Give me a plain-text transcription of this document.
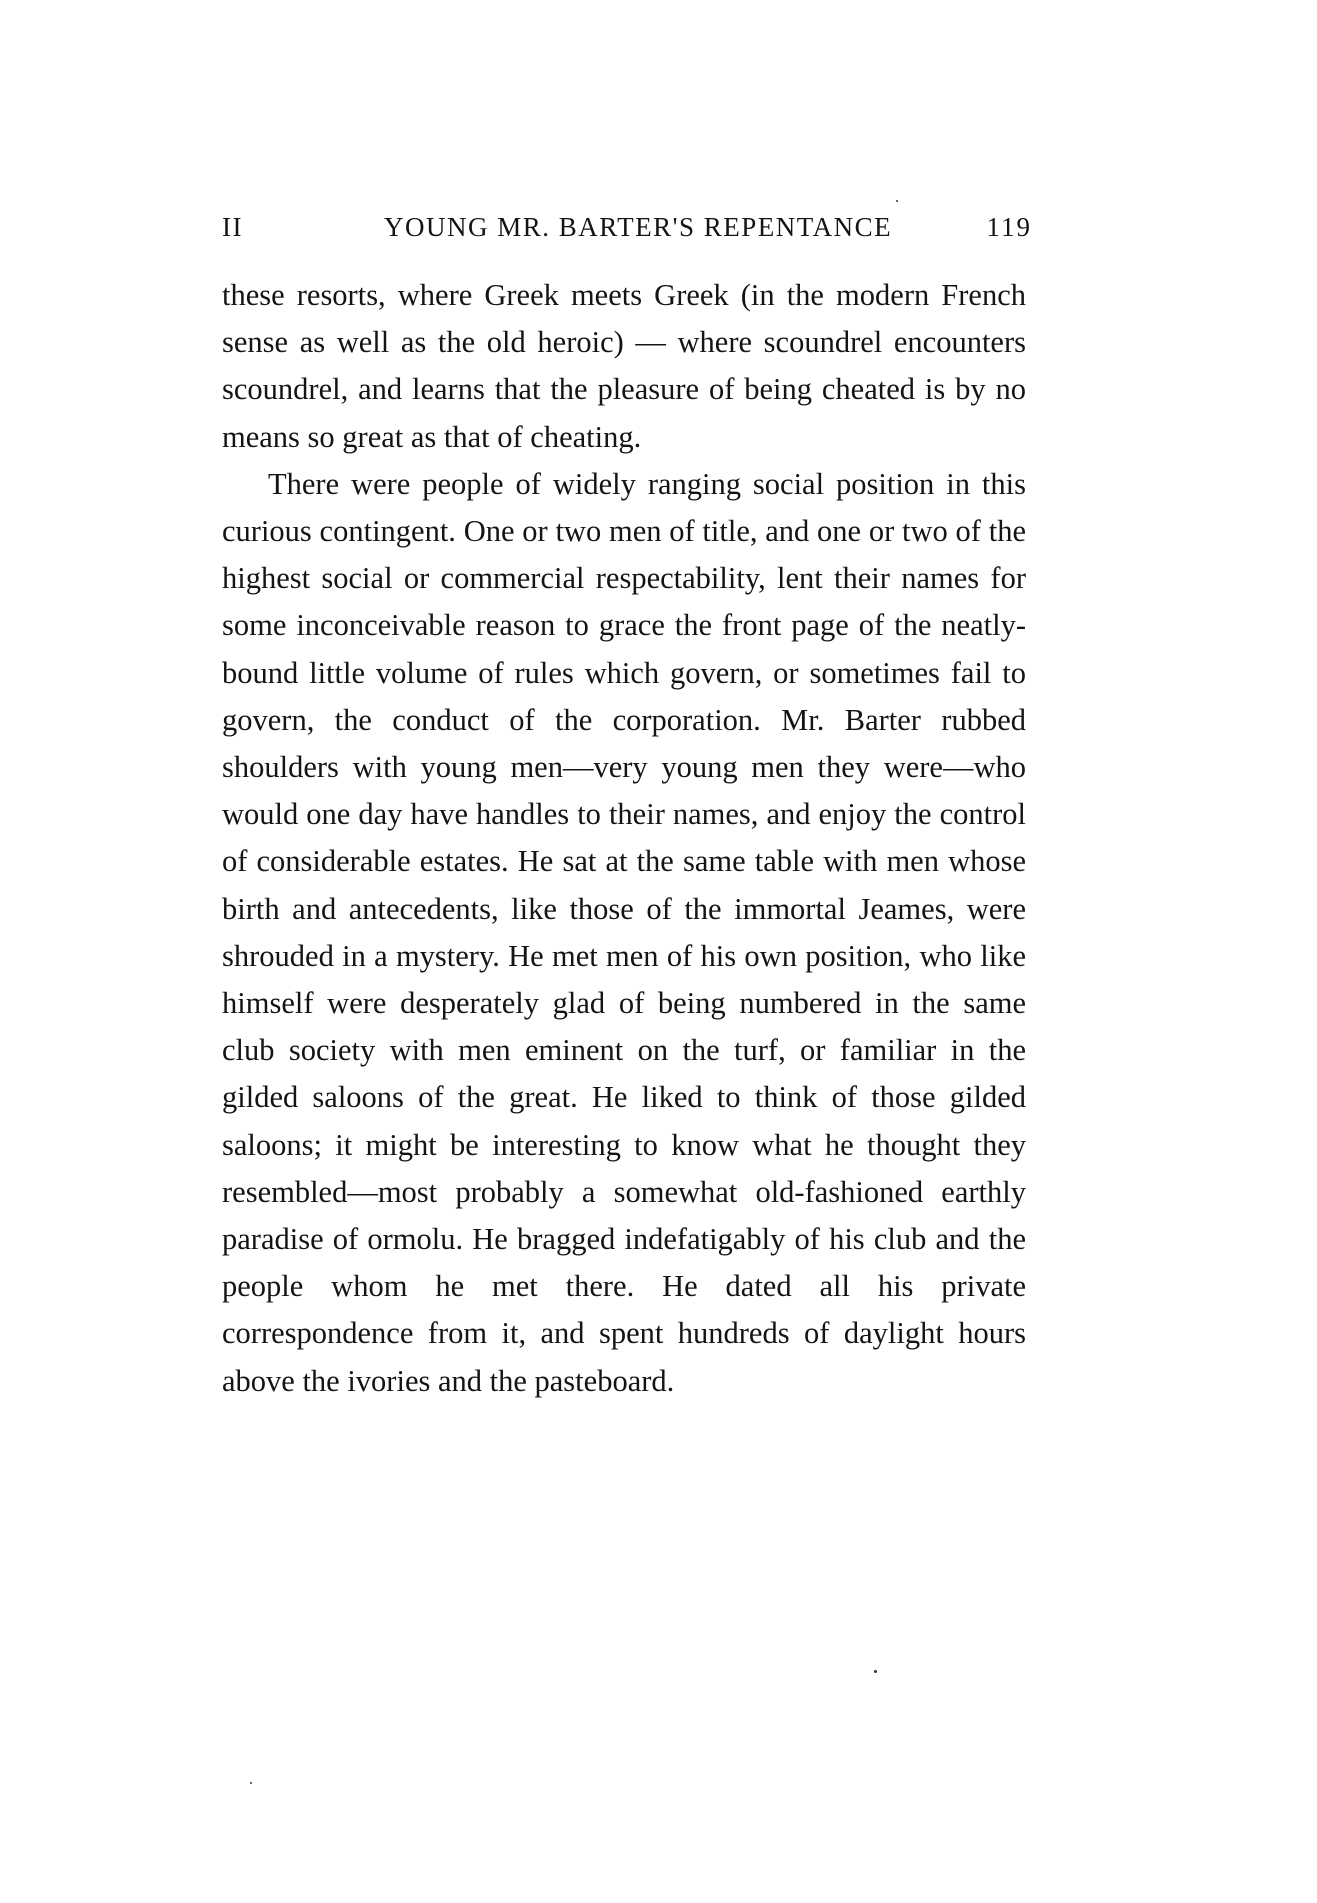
II	YOUNG MR. BARTER'S REPENTANCE	119

these resorts, where Greek meets Greek (in the modern French sense as well as the old heroic) — where scoundrel encounters scoundrel, and learns that the pleasure of being cheated is by no means so great as that of cheating.

There were people of widely ranging social position in this curious contingent. One or two men of title, and one or two of the highest social or commercial respectability, lent their names for some inconceivable reason to grace the front page of the neatly-bound little volume of rules which govern, or sometimes fail to govern, the conduct of the corporation. Mr. Barter rubbed shoulders with young men—very young men they were—who would one day have handles to their names, and enjoy the control of considerable estates. He sat at the same table with men whose birth and antecedents, like those of the immortal Jeames, were shrouded in a mystery. He met men of his own position, who like himself were desperately glad of being numbered in the same club society with men eminent on the turf, or familiar in the gilded saloons of the great. He liked to think of those gilded saloons; it might be interesting to know what he thought they resembled—most probably a somewhat old-fashioned earthly paradise of ormolu. He bragged indefatigably of his club and the people whom he met there. He dated all his private correspondence from it, and spent hundreds of daylight hours above the ivories and the pasteboard.
